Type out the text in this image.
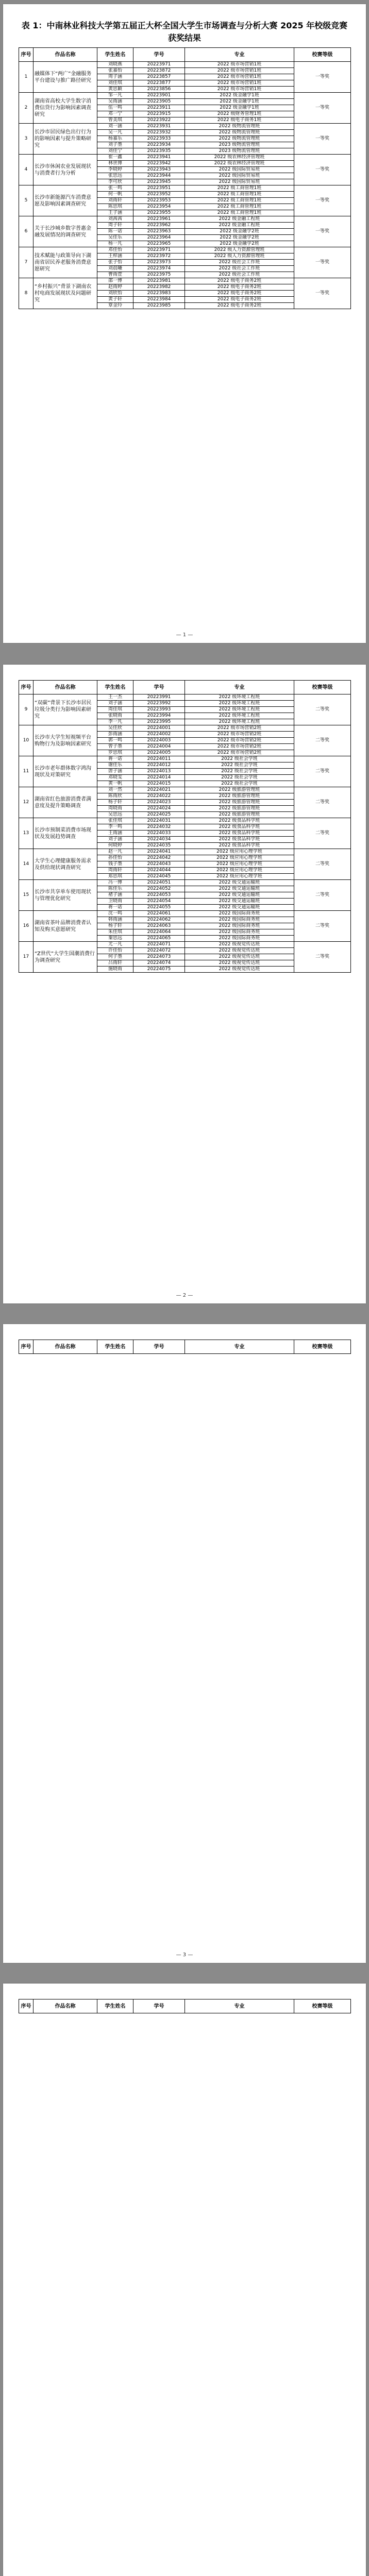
表 1：中南林业科技大学第五届正大杯全国大学生市场调查与分析大赛 2025 年校级竞赛获奖结果
序号	作品名称	学生姓名	学号	专业	校赛等级
1	融媒体下“两广”金融服务平台建设与推广路径研究	刘晓燕	20223971	2022 级市场营销1班	一等奖
		张嘉怡	20223872	2022 级市场营销1班	
		周子涵	20223857	2022 级市场营销1班	
		刘佳琪	20223877	2022 级市场营销1班	
		黄思颖	20223856	2022 级市场营销1班	
2	湖南省高校大学生数字消费信贷行为影响因素调查研究	邹一凡	20223901	2022 级金融学1班	一等奖
		吴雨涵	20223905	2022 级金融学1班	
		伍一鸣	20223911	2022 级金融学1班	
		邓一宁	20223915	2022 级财务管理1班	
		曾美琪	20223922	2022 级电子商务1班	
3	长沙市居民绿色出行行为的影响因素与提升策略研究	刘一涵	20223931	2022 级物流管理班	一等奖
		吴一凡	20223932	2022 级物流管理班	
		杨嘉乐	20223933	2022 级物流管理班	
		刘子墨	20223934	2023 级物流管理班	
		刘佳宁	20223935	2023 级物流管理班	
4	长沙市休闲农业发展现状与消费者行为分析	崔一鑫	20223941	2022 级农林经济管理班	一等奖
		林世博	20223942	2022 级农林经济管理班	
		李晓婷	20223943	2022 级国际贸易班	
		张思远	20223944	2022 级国际贸易班	
		李可欣	20223945	2022 级国际贸易班	
5	长沙市新能源汽车消费意愿及影响因素调查研究	张一鸣	20223951	2022 级工商管理1班	一等奖
		何一帆	20223952	2022 级工商管理1班	
		刘雨轩	20223953	2022 级工商管理1班	
		陈思琪	20223954	2022 级工商管理1班	
		王子涵	20223955	2022 级工商管理1班	
6	关于长沙城乡数字普惠金融发展情况的调查研究	刘茜茜	20223961	2022 级金融工程班	一等奖
		周子轩	20223962	2022 级金融工程班	
		陈一诺	20223963	2022 级金融学2班	
		吴佳乐	20223964	2022 级金融学2班	
		杨一凡	20223965	2022 级金融学2班	
7	技术赋能与政策导向下湖南省居民养老服务消费意愿研究	邓佳怡	20223971	2022 级人力资源管理班	一等奖
		王梓涵	20223972	2022 级人力资源管理班	
		张子怡	20223973	2022 级社会工作班	
		刘晨曦	20223974	2022 级社会工作班	
		曹雨萱	20223975	2022 级社会工作班	
8	“乡村振兴”背景下湖南农村电商发展现状及问题研究	邵一博	20223981	2022 级电子商务2班	一等奖
		赵雨婷	20223982	2022 级电子商务2班	
		刘欣怡	20223983	2022 级电子商务2班	
		黄子轩	20223984	2022 级电子商务2班	
		覃金玲	20223985	2022 级电子商务2班	
— 1 —
序号	作品名称	学生姓名	学号	专业	校赛等级
9	“双碳”背景下长沙市居民垃圾分类行为影响因素研究	王一杰	20223991	2022 级环境工程班	二等奖
		刘子涵	20223992	2022 级环境工程班	
		周佳琪	20223993	2022 级环境工程班	
		张晓雨	20223994	2022 级环境工程班	
		李一凡	20223995	2022 级环境工程班	
10	长沙市大学生短视频平台购物行为及影响因素研究	吴佳欣	20224001	2022 级市场营销2班	二等奖
		彭雨涵	20224002	2022 级市场营销2班	
		郭一鸣	20224003	2022 级市场营销2班	
		曾子墨	20224004	2022 级市场营销2班	
		罗思琪	20224005	2022 级市场营销2班	
11	长沙市老年群体数字鸿沟现状及对策研究	蒋一诺	20224011	2022 级社会学班	二等奖
		谢佳乐	20224012	2022 级社会学班	
		唐子涵	20224013	2022 级社会学班	
		邓晓雯	20224014	2022 级社会学班	
		黄一帆	20224015	2022 级社会学班	
12	湖南省红色旅游消费者满意度及提升策略调查	刘一然	20224021	2022 级旅游管理班	二等奖
		陈雨欣	20224022	2022 级旅游管理班	
		杨子轩	20224023	2022 级旅游管理班	
		周晓雨	20224024	2022 级旅游管理班	
		吴思远	20224025	2022 级旅游管理班	
13	长沙市预制菜消费市场现状及发展趋势调查	张佳琪	20224031	2022 级食品科学班	二等奖
		李一鸣	20224032	2022 级食品科学班	
		王雨涵	20224033	2022 级食品科学班	
		刘子涵	20224034	2022 级食品科学班	
		何晓婷	20224035	2022 级食品科学班	
14	大学生心理健康服务需求及供给现状调查研究	赵一凡	20224041	2022 级应用心理学班	二等奖
		孙佳怡	20224042	2022 级应用心理学班	
		钱子墨	20224043	2022 级应用心理学班	
		周雨轩	20224044	2022 级应用心理学班	
		郑思琪	20224045	2022 级应用心理学班	
15	长沙市共享单车使用现状与管理优化研究	冯一博	20224051	2022 级交通运输班	二等奖
		陈佳乐	20224052	2022 级交通运输班	
		褚子涵	20224053	2022 级交通运输班	
		卫晓雨	20224054	2022 级交通运输班	
		蒋一诺	20224055	2022 级交通运输班	
16	湖南省茶叶品牌消费者认知及购买意愿研究	沈一鸣	20224061	2022 级国际商务班	二等奖
		韩雨涵	20224062	2022 级国际商务班	
		杨子轩	20224063	2022 级国际商务班	
		朱佳琪	20224064	2022 级国际商务班	
		秦思远	20224065	2022 级国际商务班	
17	“Z世代”大学生国潮消费行为调查研究	尤一凡	20224071	2022 级视觉传达班	二等奖
		许佳怡	20224072	2022 级视觉传达班	
		何子墨	20224073	2022 级视觉传达班	
		吕雨轩	20224074	2022 级视觉传达班	
		施晓雨	20224075	2022 级视觉传达班	
— 2 —
序号	作品名称	学生姓名	学号	专业	校赛等级
— 3 —
序号	作品名称	学生姓名	学号	专业	校赛等级
